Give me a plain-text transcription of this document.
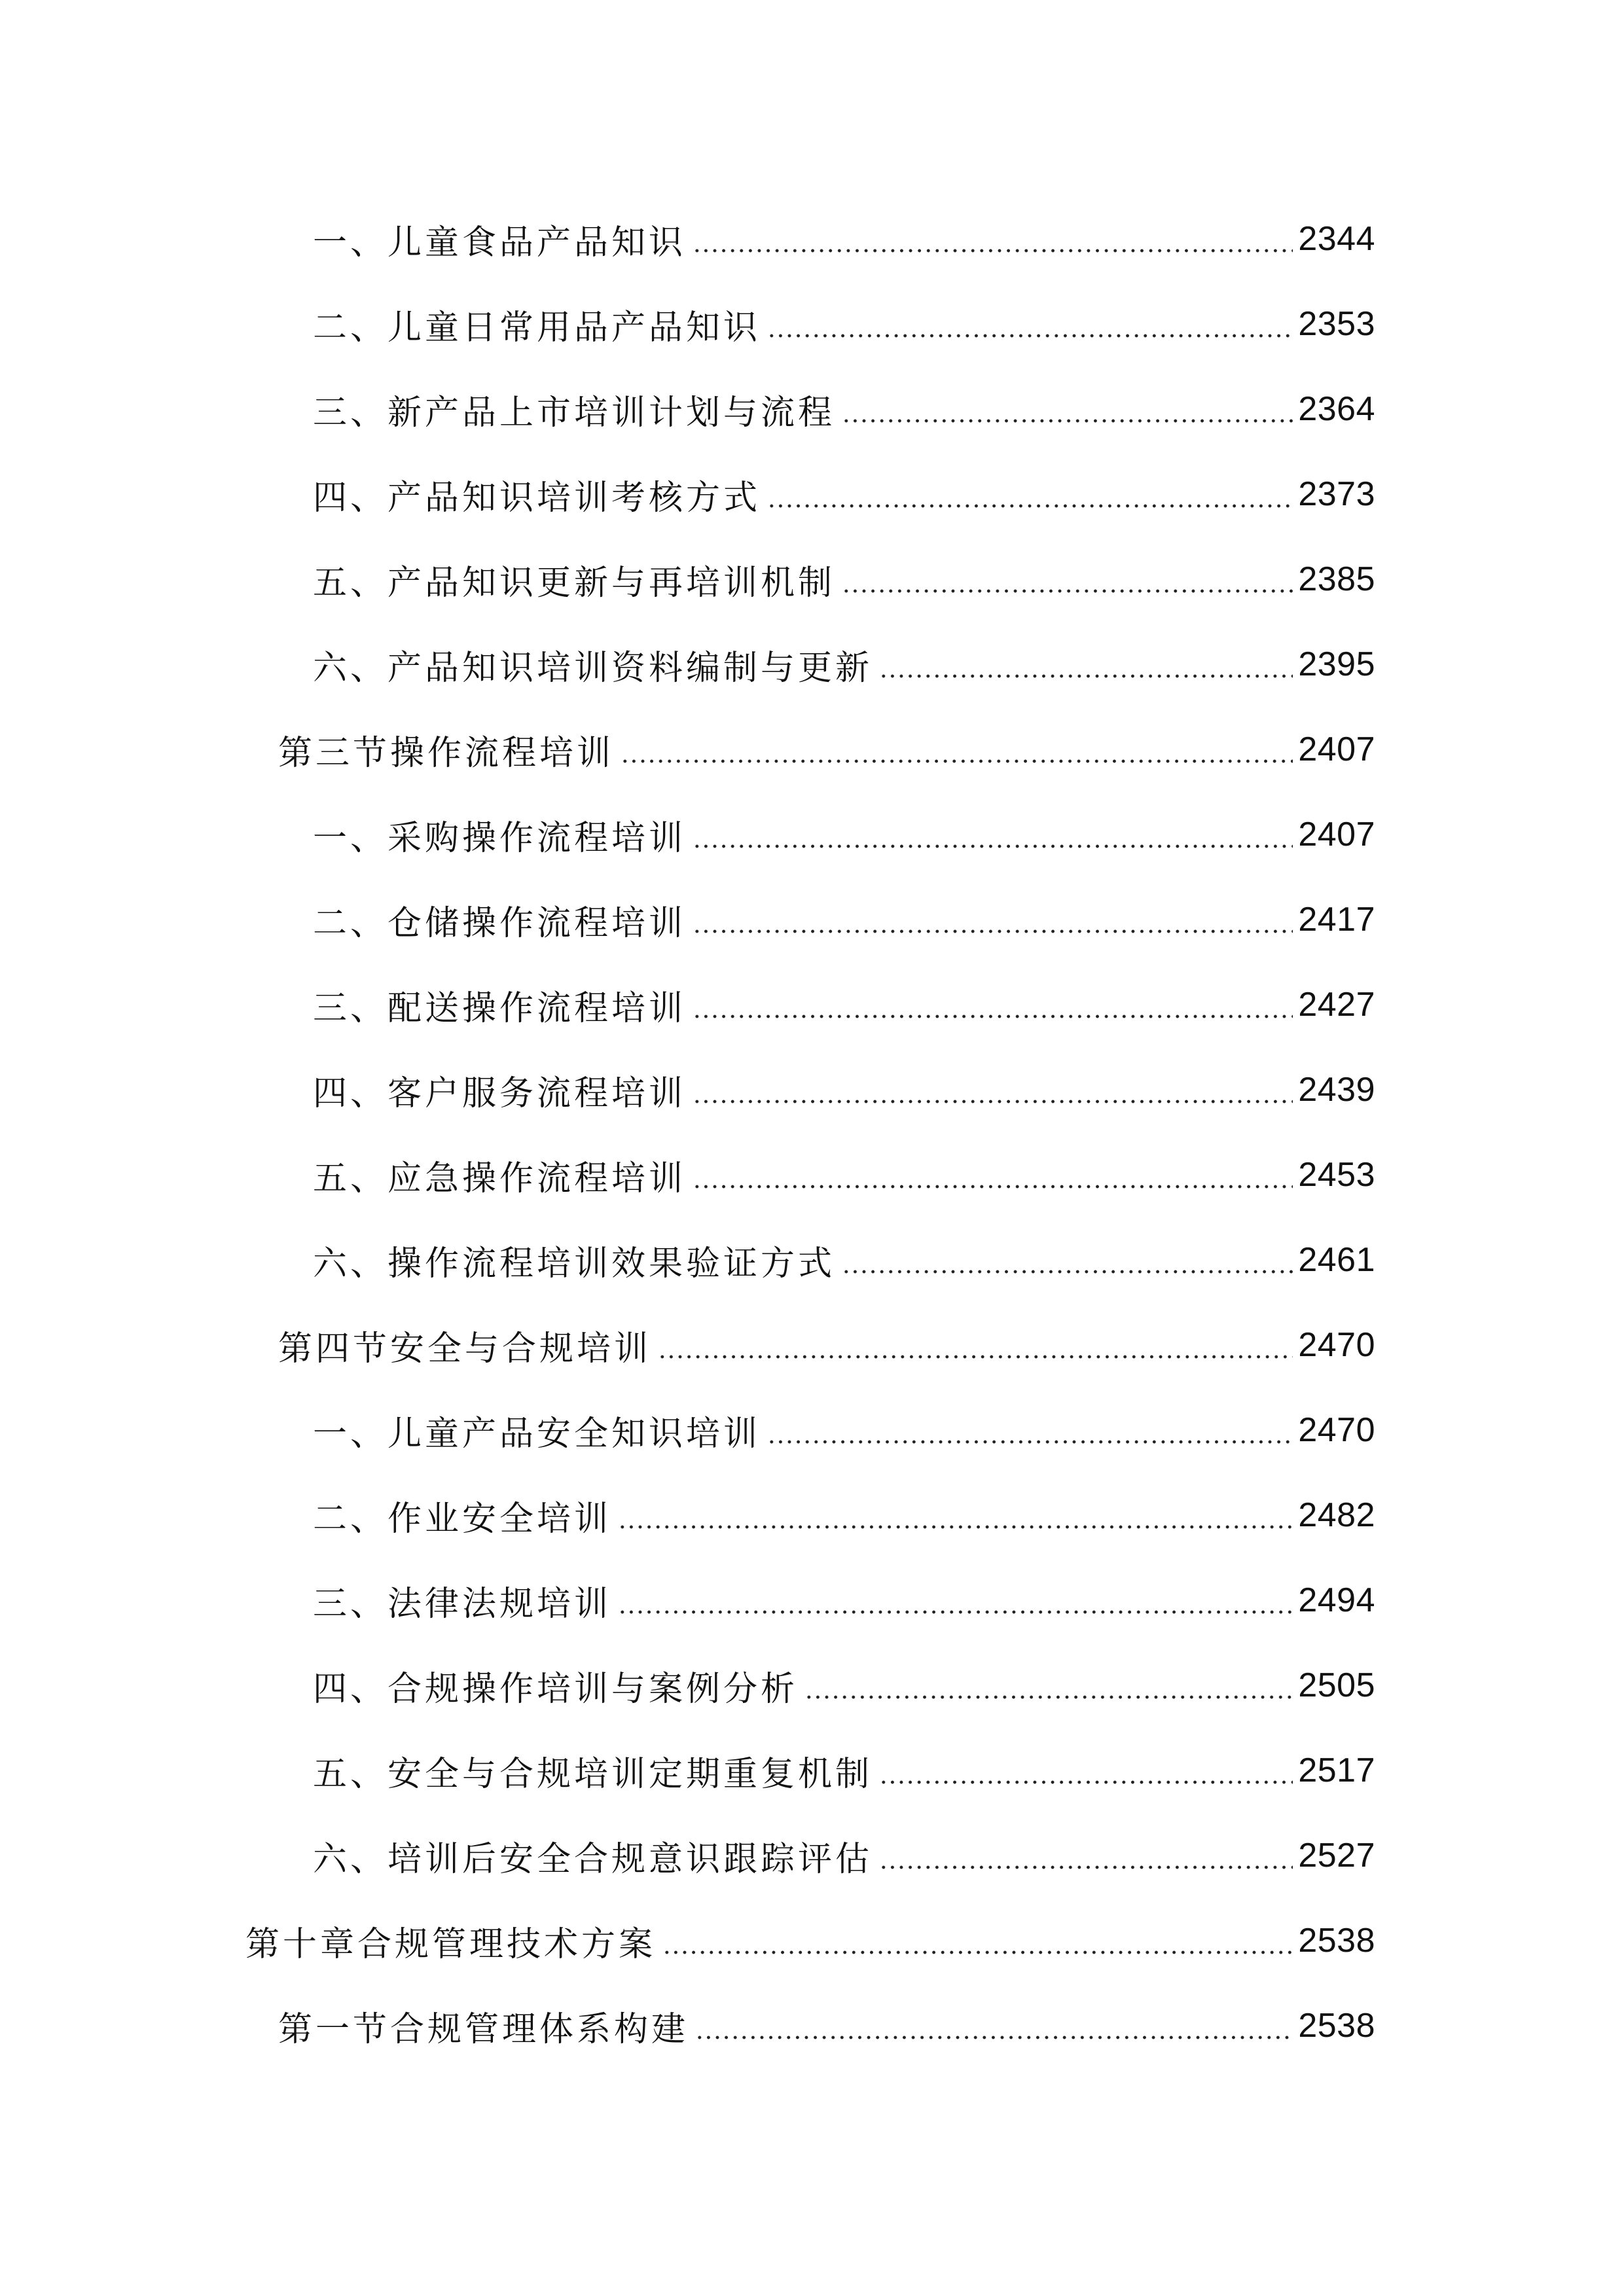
一、儿童食品产品知识	2344
二、儿童日常用品产品知识	2353
三、新产品上市培训计划与流程	2364
四、产品知识培训考核方式	2373
五、产品知识更新与再培训机制	2385
六、产品知识培训资料编制与更新	2395
第三节操作流程培训	2407
一、采购操作流程培训	2407
二、仓储操作流程培训	2417
三、配送操作流程培训	2427
四、客户服务流程培训	2439
五、应急操作流程培训	2453
六、操作流程培训效果验证方式	2461
第四节安全与合规培训	2470
一、儿童产品安全知识培训	2470
二、作业安全培训	2482
三、法律法规培训	2494
四、合规操作培训与案例分析	2505
五、安全与合规培训定期重复机制	2517
六、培训后安全合规意识跟踪评估	2527
第十章合规管理技术方案	2538
第一节合规管理体系构建	2538
